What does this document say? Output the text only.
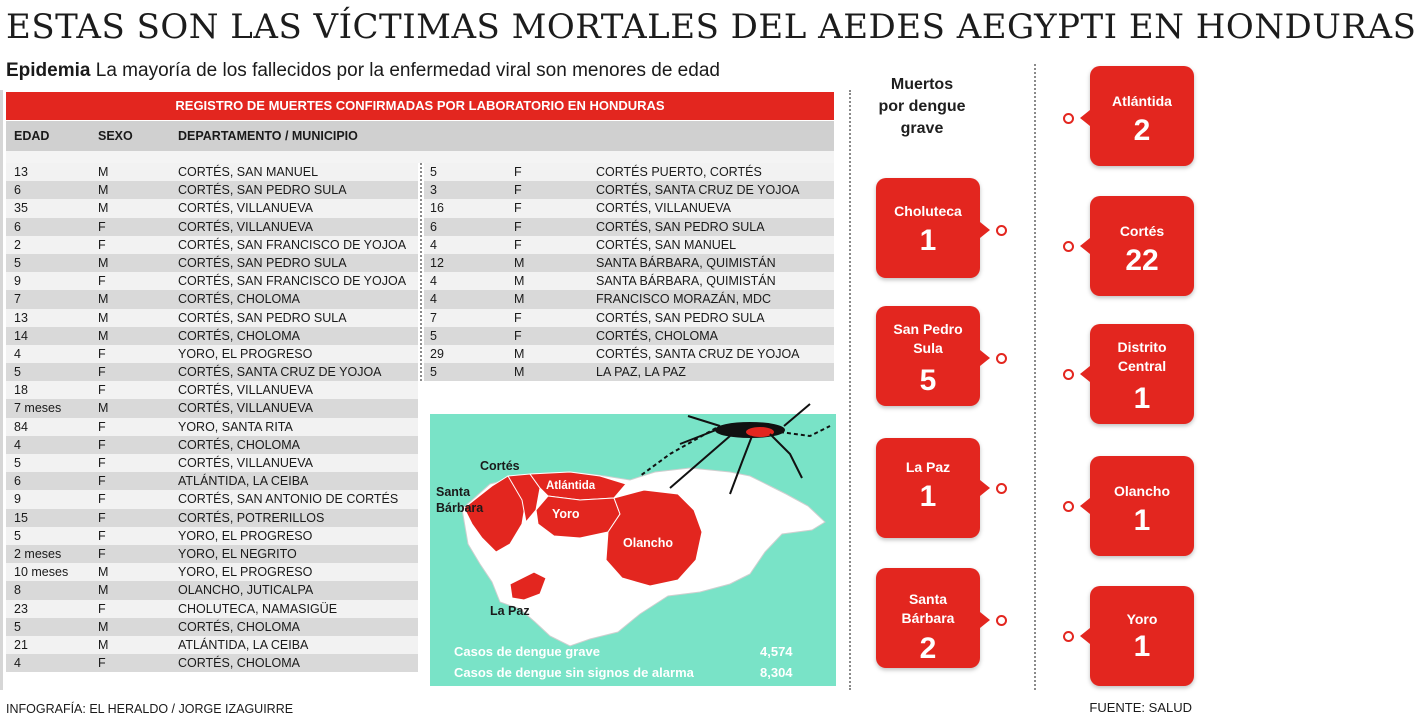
ESTAS SON LAS VÍCTIMAS MORTALES DEL AEDES AEGYPTI EN HONDURAS
Epidemia La mayoría de los fallecidos por la enfermedad viral son menores de edad
REGISTRO DE MUERTES CONFIRMADAS POR LABORATORIO EN HONDURAS
EDAD	SEXO	DEPARTAMENTO / MUNICIPIO
13	M	CORTÉS, SAN MANUEL
6	M	CORTÉS, SAN PEDRO SULA
35	M	CORTÉS, VILLANUEVA
6	F	CORTÉS, VILLANUEVA
2	F	CORTÉS, SAN FRANCISCO DE YOJOA
5	M	CORTÉS, SAN PEDRO SULA
9	F	CORTÉS, SAN FRANCISCO DE YOJOA
7	M	CORTÉS, CHOLOMA
13	M	CORTÉS, SAN PEDRO SULA
14	M	CORTÉS, CHOLOMA
4	F	YORO, EL PROGRESO
5	F	CORTÉS, SANTA CRUZ DE YOJOA
18	F	CORTÉS, VILLANUEVA
7 meses	M	CORTÉS, VILLANUEVA
84	F	YORO, SANTA RITA
4	F	CORTÉS, CHOLOMA
5	F	CORTÉS, VILLANUEVA
6	F	ATLÁNTIDA, LA CEIBA
9	F	CORTÉS, SAN ANTONIO DE CORTÉS
15	F	CORTÉS, POTRERILLOS
5	F	YORO, EL PROGRESO
2 meses	F	YORO, EL NEGRITO
10 meses M	YORO, EL PROGRESO
8	M	OLANCHO, JUTICALPA
23	F	CHOLUTECA, NAMASIGÜE
5	M	CORTÉS, CHOLOMA
21	M	ATLÁNTIDA, LA CEIBA
4	F	CORTÉS, CHOLOMA
5	F	CORTÉS PUERTO, CORTÉS
3	F	CORTÉS, SANTA CRUZ DE YOJOA
16	F	CORTÉS, VILLANUEVA
6	F	CORTÉS, SAN PEDRO SULA
4	F	CORTÉS, SAN MANUEL
12	M	SANTA BÁRBARA, QUIMISTÁN
4	M	SANTA BÁRBARA, QUIMISTÁN
4	M	FRANCISCO MORAZÁN, MDC
7	F	CORTÉS, SAN PEDRO SULA
5	F	CORTÉS, CHOLOMA
29	M	CORTÉS, SANTA CRUZ DE YOJOA
5	M	LA PAZ, LA PAZ
Cortés
Santa
Bárbara
Atlántida
Yoro
Olancho
La Paz
Casos de dengue grave	4,574
Casos de dengue sin signos de alarma	8,304
Muertos
por dengue
grave
Atlántida
2
Cortés
22
Distrito
Central
1
Olancho
1
Yoro
1
Choluteca
1
San Pedro
Sula
5
La Paz
1
Santa
Bárbara
2
INFOGRAFÍA: EL HERALDO / JORGE IZAGUIRRE	FUENTE: SALUD
